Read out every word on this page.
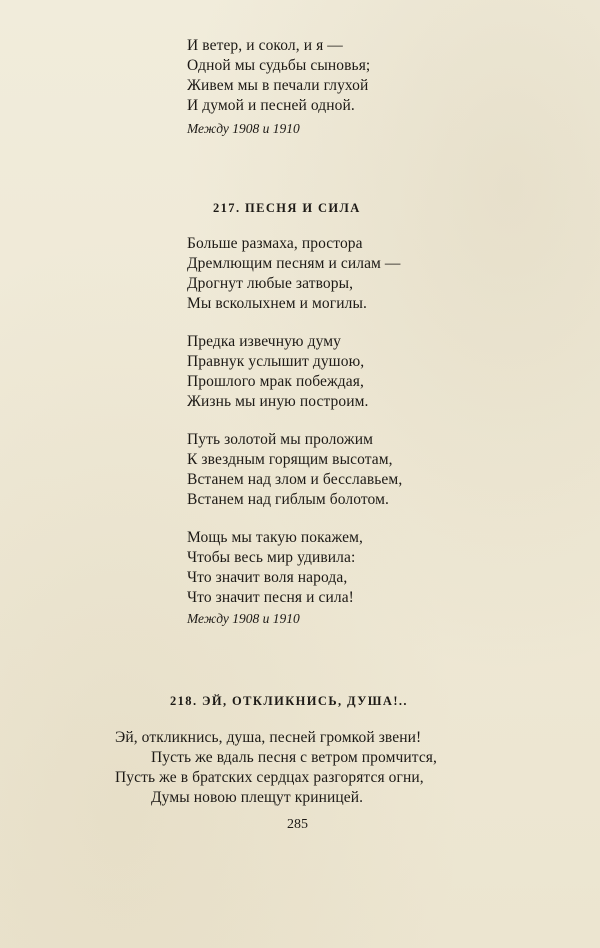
И ветер, и сокол, и я —
Одной мы судьбы сыновья;
Живем мы в печали глухой
И думой и песней одной.
Между 1908 и 1910
217. ПЕСНЯ И СИЛА
Больше размаха, простора
Дремлющим песням и силам —
Дрогнут любые затворы,
Мы всколыхнем и могилы.
Предка извечную думу
Правнук услышит душою,
Прошлого мрак побеждая,
Жизнь мы иную построим.
Путь золотой мы проложим
К звездным горящим высотам,
Встанем над злом и бесславьем,
Встанем над гиблым болотом.
Мощь мы такую покажем,
Чтобы весь мир удивила:
Что значит воля народа,
Что значит песня и сила!
Между 1908 и 1910
218. ЭЙ, ОТКЛИКНИСЬ, ДУША!..
Эй, откликнись, душа, песней громкой звени!
Пусть же вдаль песня с ветром промчится,
Пусть же в братских сердцах разгорятся огни,
Думы новою плещут криницей.
285
